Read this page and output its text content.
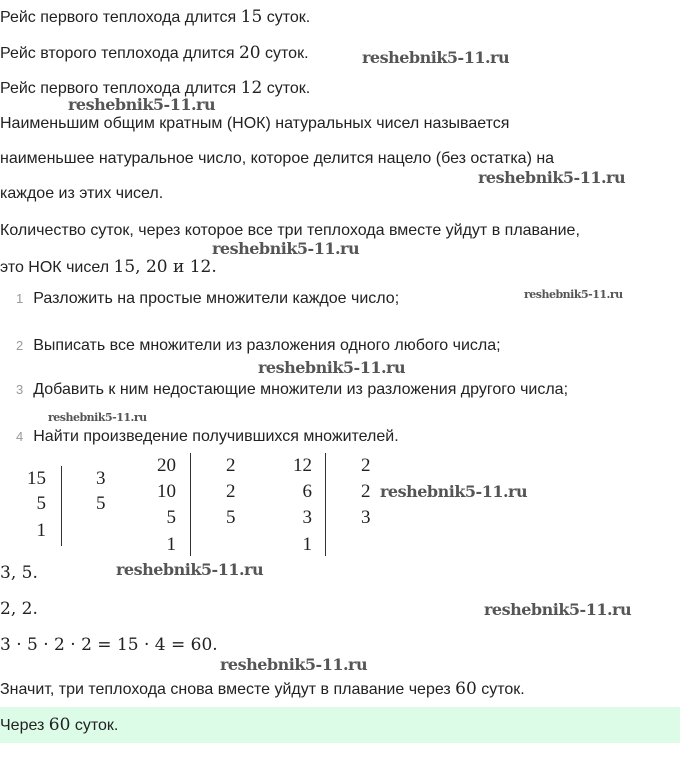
Рейс первого теплохода длится 15 суток.
Рейс второго теплохода длится 20 суток.
Рейс первого теплохода длится 12 суток.
Наименьшим общим кратным (НОК) натуральных чисел называется
наименьшее натуральное число, которое делится нацело (без остатка) на
каждое из этих чисел.
Количество суток, через которое все три теплохода вместе уйдут в плавание,
это НОК чисел 15, 20 и 12.
1 Разложить на простые множители каждое число;
2 Выписать все множители из разложения одного любого числа;
3 Добавить к ним недостающие множители из разложения другого числа;
4 Найти произведение получившихся множителей.
15
5
1
3
5
20
10
5
1
2
2
5
12
6
3
1
2
2
3
3, 5.
2, 2.
3 · 5 · 2 · 2 = 15 · 4 = 60.
Значит, три теплохода снова вместе уйдут в плавание через 60 суток.
Через 60 суток.
reshebnik5-11.ru
reshebnik5-11.ru
reshebnik5-11.ru
reshebnik5-11.ru
reshebnik5-11.ru
reshebnik5-11.ru
reshebnik5-11.ru
reshebnik5-11.ru
reshebnik5-11.ru
reshebnik5-11.ru
reshebnik5-11.ru
